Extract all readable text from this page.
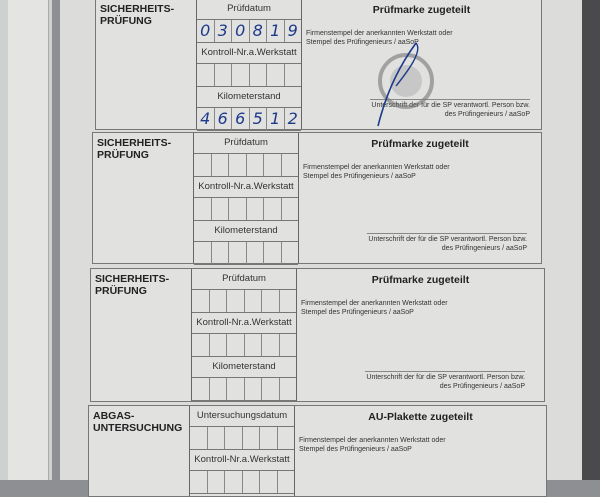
SICHERHEITS-
PRÜFUNG
Prüfdatum
0 3 0 8 1 9
Kontroll-Nr.a.Werkstatt
Kilometerstand
4 6 6 5 1 2
Prüfmarke zugeteilt
Firmenstempel der anerkannten Werkstatt oder Stempel des Prüfingenieurs / aaSoP
Unterschrift der für die SP verantwortl. Person bzw. des Prüfingenieurs / aaSoP
SICHERHEITS-
PRÜFUNG
Prüfdatum
Kontroll-Nr.a.Werkstatt
Kilometerstand
Prüfmarke zugeteilt
Firmenstempel der anerkannten Werkstatt oder Stempel des Prüfingenieurs / aaSoP
Unterschrift der für die SP verantwortl. Person bzw. des Prüfingenieurs / aaSoP
SICHERHEITS-
PRÜFUNG
Prüfdatum
Kontroll-Nr.a.Werkstatt
Kilometerstand
Prüfmarke zugeteilt
Firmenstempel der anerkannten Werkstatt oder Stempel des Prüfingenieurs / aaSoP
Unterschrift der für die SP verantwortl. Person bzw. des Prüfingenieurs / aaSoP
ABGAS-
UNTERSUCHUNG
Untersuchungsdatum
Kontroll-Nr.a.Werkstatt
AU-Plakette zugeteilt
Firmenstempel der anerkannten Werkstatt oder Stempel des Prüfingenieurs / aaSoP
